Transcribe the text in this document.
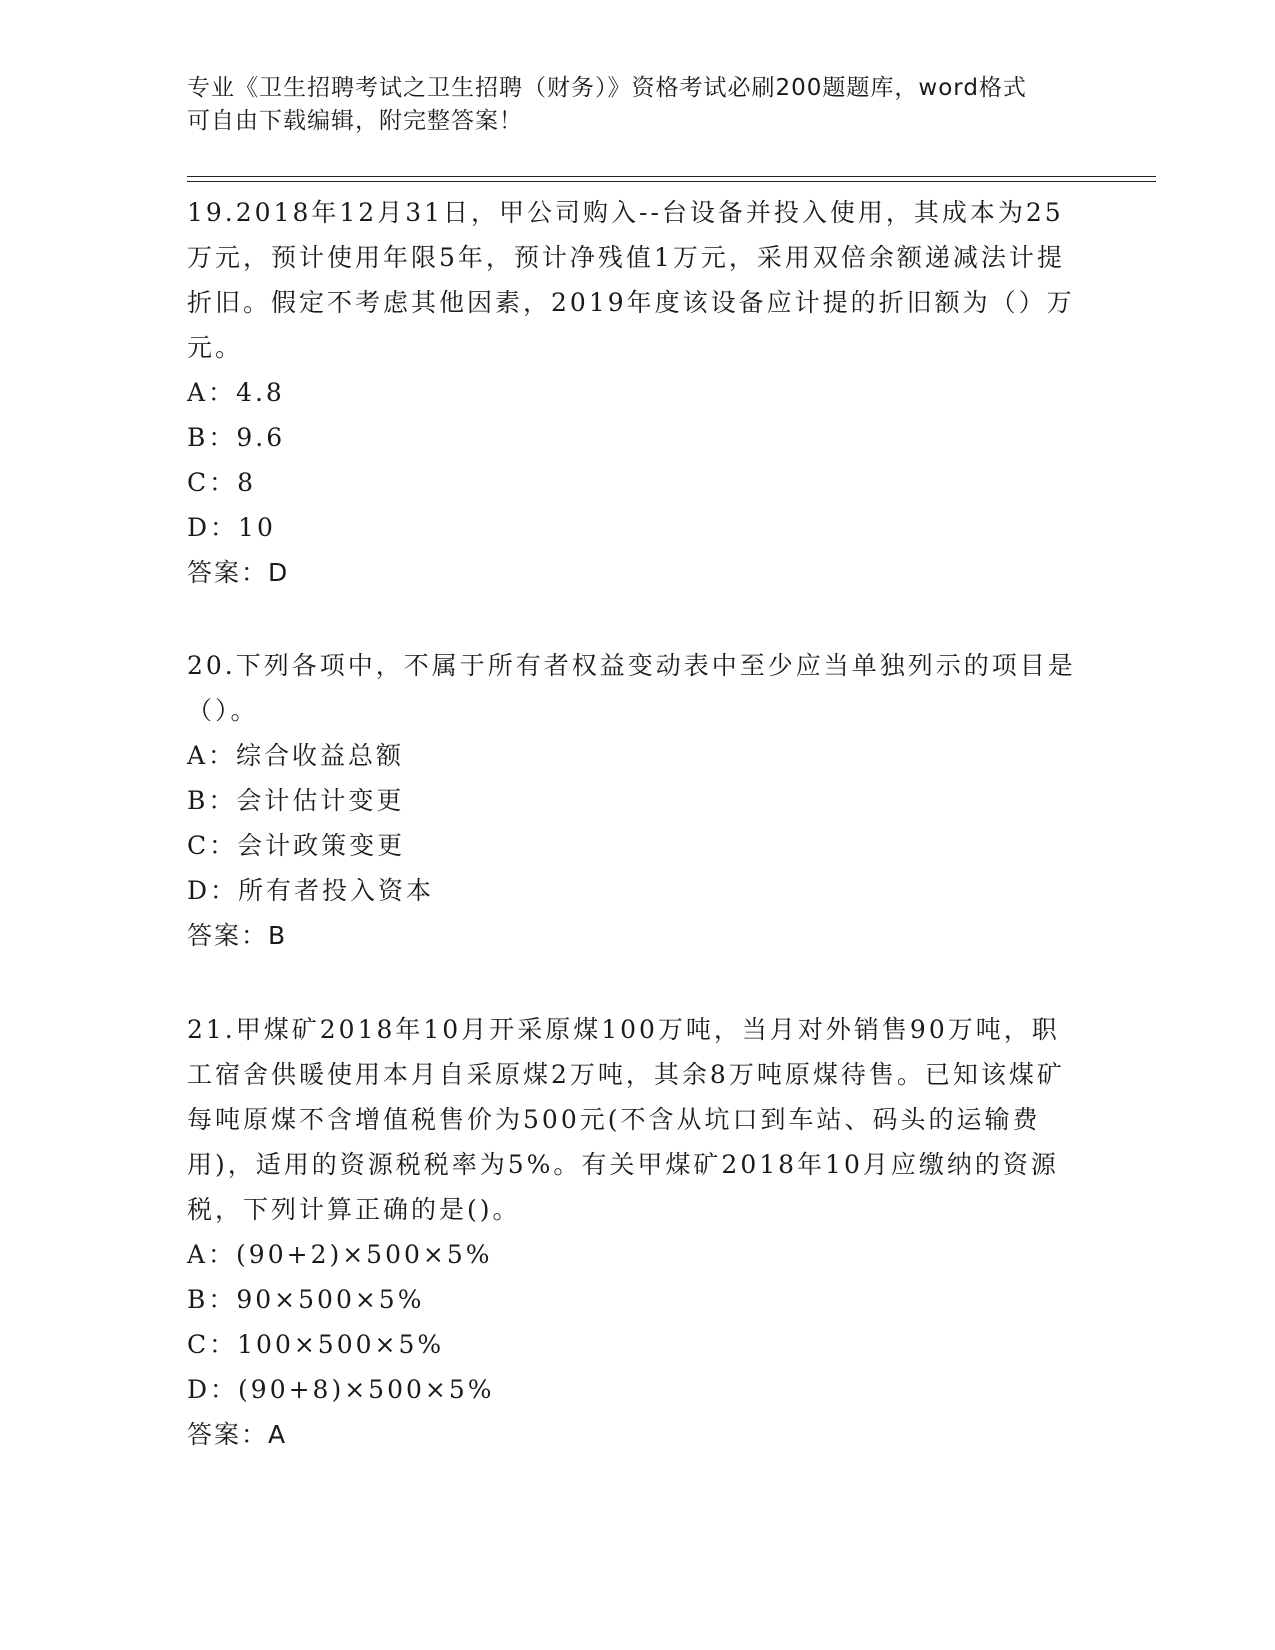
专业《卫生招聘考试之卫生招聘（财务）》资格考试必刷200题题库，word格式
可自由下载编辑，附完整答案！
19.2018年12月31日，甲公司购入--台设备并投入使用，其成本为25万元，预计使用年限5年，预计净残值1万元，采用双倍余额递减法计提折旧。假定不考虑其他因素，2019年度该设备应计提的折旧额为（）万元。
A：4.8
B：9.6
C：8
D：10
答案：D
20.下列各项中，不属于所有者权益变动表中至少应当单独列示的项目是（）。
A：综合收益总额
B：会计估计变更
C：会计政策变更
D：所有者投入资本
答案：B
21.甲煤矿2018年10月开采原煤100万吨，当月对外销售90万吨，职工宿舍供暖使用本月自采原煤2万吨，其余8万吨原煤待售。已知该煤矿每吨原煤不含增值税售价为500元(不含从坑口到车站、码头的运输费用)，适用的资源税税率为5%。有关甲煤矿2018年10月应缴纳的资源税，下列计算正确的是()。
A：(90+2)×500×5%
B：90×500×5%
C：100×500×5%
D：(90+8)×500×5%
答案：A
